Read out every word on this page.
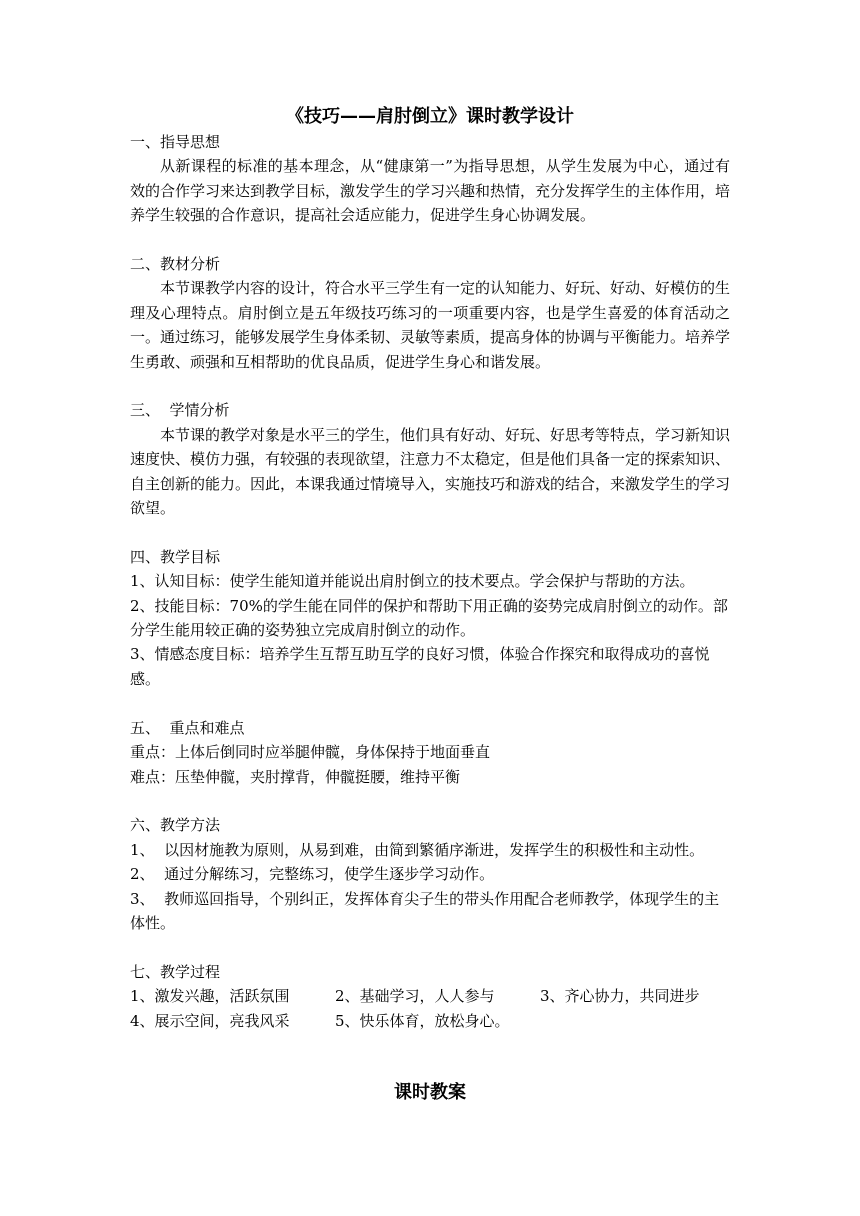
《技巧——肩肘倒立》课时教学设计

一、指导思想

从新课程的标准的基本理念，从“健康第一”为指导思想，从学生发展为中心，通过有效的合作学习来达到教学目标，激发学生的学习兴趣和热情，充分发挥学生的主体作用，培养学生较强的合作意识，提高社会适应能力，促进学生身心协调发展。

二、教材分析

本节课教学内容的设计，符合水平三学生有一定的认知能力、好玩、好动、好模仿的生理及心理特点。肩肘倒立是五年级技巧练习的一项重要内容，也是学生喜爱的体育活动之一。通过练习，能够发展学生身体柔韧、灵敏等素质，提高身体的协调与平衡能力。培养学生勇敢、顽强和互相帮助的优良品质，促进学生身心和谐发展。

三、  学情分析

本节课的教学对象是水平三的学生，他们具有好动、好玩、好思考等特点，学习新知识速度快、模仿力强，有较强的表现欲望，注意力不太稳定，但是他们具备一定的探索知识、自主创新的能力。因此，本课我通过情境导入，实施技巧和游戏的结合，来激发学生的学习欲望。

四、教学目标

1、认知目标：使学生能知道并能说出肩肘倒立的技术要点。学会保护与帮助的方法。

2、技能目标：70%的学生能在同伴的保护和帮助下用正确的姿势完成肩肘倒立的动作。部分学生能用较正确的姿势独立完成肩肘倒立的动作。

3、情感态度目标：培养学生互帮互助互学的良好习惯，体验合作探究和取得成功的喜悦感。

五、  重点和难点

重点：上体后倒同时应举腿伸髋，身体保持于地面垂直

难点：压垫伸髋，夹肘撑背，伸髋挺腰，维持平衡

六、教学方法

1、  以因材施教为原则，从易到难，由简到繁循序渐进，发挥学生的积极性和主动性。

2、  通过分解练习，完整练习，使学生逐步学习动作。

3、  教师巡回指导，个别纠正，发挥体育尖子生的带头作用配合老师教学，体现学生的主体性。

七、教学过程

1、激发兴趣，活跃氛围	2、基础学习，人人参与	3、齐心协力，共同进步
4、展示空间，亮我风采	5、快乐体育，放松身心。
课时教案
